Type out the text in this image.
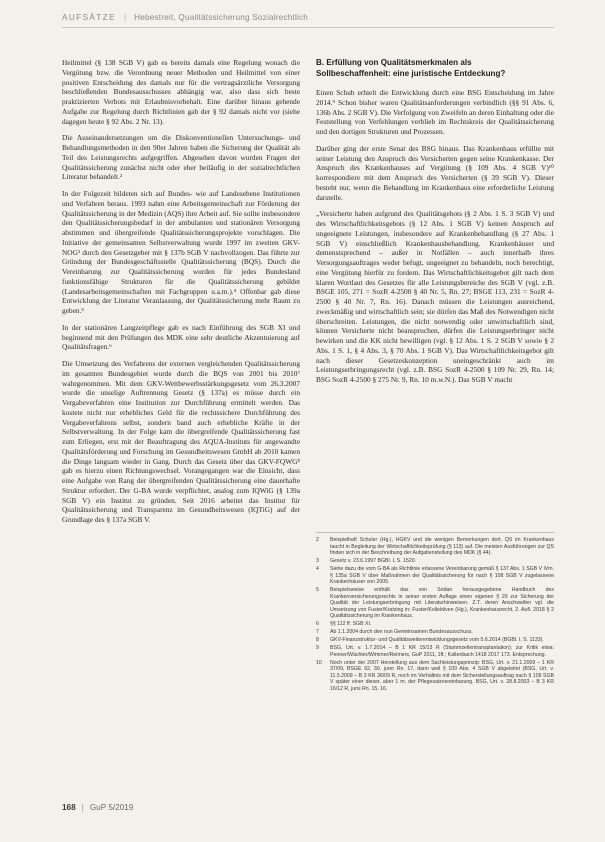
AUFSÄTZE | Hebestreit, Qualitätssicherung Sozialrechtlich

Heilmittel (§ 138 SGB V) gab es bereits damals eine Regelung wonach die Vergütung bzw. die Verordnung neuer Methoden und Heilmittel von einer positiven Entscheidung des damals nur für die vertragsärztliche Versorgung beschließenden Bundesausschusses abhängig war, also dass sich beste praktizierten Verbots mit Erlaubnisvorbehalt. Eine darüber hinaus gehende Aufgabe zur Regelung durch Richtlinien gab der § 92 damals nicht vor (siehe dagegen heute § 92 Abs. 2 Nr. 13).

Die Auseinandersetzungen um die Diskonventionellen Untersuchungs- und Behandlungsmethoden in den 90er Jahren haben die Sicherung der Qualität als Teil des Leistungsrechts aufgegriffen. Abgesehen davon wurden Fragen der Qualitätssicherung zunächst nicht oder eher beiläufig in der sozialrechtlichen Literatur behandelt.²

In der Folgezeit bildeten sich auf Bundes- wie auf Landesebene Institutionen und Verfahren heraus. 1993 nahm eine Arbeitsgemeinschaft zur Förderung der Qualitätssicherung in der Medizin (AQS) ihre Arbeit auf. Sie sollte insbesondere den Qualitätssicherungsbedarf in der ambulanten und stationären Versorgung abstimmen und übergreifende Qualitätssicherungsprojekte vorschlagen. Die Initiative der gemeinsamen Selbstverwaltung wurde 1997 im zweiten GKV-NOG³ durch den Gesetzgeber mit § 137b SGB V nachvollzogen. Das führte zur Gründung der Bundesgeschäftsstelle Qualitätssicherung (BQS). Durch die Vereinbarung zur Qualitätssicherung wurden für jedes Bundesland funktionsfähige Strukturen für die Qualitätssicherung gebildet (Landesarbeitsgemeinschaften mit Fachgruppen u.a.m.).⁴ Offenbar gab diese Entwicklung der Literatur Veranlassung, der Qualitätssicherung mehr Raum zu geben.⁵

In der stationären Langzeitpflege gab es nach Einführung des SGB XI und beginnend mit den Prüfungen des MDK eine sehr deutliche Akzentuierung auf Qualitätsfragen.⁶

Die Umsetzung des Verfahrens der externen vergleichenden Qualitätssicherung im gesamten Bundesgebiet wurde durch die BQS von 2001 bis 2010⁷ wahrgenommen. Mit dem GKV-Wettbewerbsstärkungsgesetz vom 26.3.2007 wurde die unselige Auftrennung Gesetz (§ 137a) es müsse durch ein Vergabeverfahren eine Institution zur Durchführung ermittelt werden. Das kostete nicht nur erhebliches Geld für die rechtssichere Durchführung des Vergabeverfahrens selbst, sondern band auch erhebliche Kräfte in der Selbstverwaltung. In der Folge kam die übergreifende Qualitätssicherung fast zum Erliegen, erst mit der Beauftragung des AQUA-Instituts für angewandte Qualitätsförderung und Forschung im Gesundheitswesen GmbH ab 2010 kamen die Dinge langsam wieder in Gang. Durch das Gesetz über das GKV-FQWG⁸ gab es hierzu einen Richtungswechsel. Vorangegangen war die Einsicht, dass eine Aufgabe von Rang der übergreifenden Qualitätssicherung eine dauerhafte Struktur erfordert. Der G-BA wurde verpflichtet, analog zum IQWiG (§ 139a SGB V) ein Institut zu gründen. Seit 2016 arbeitet das Institut für Qualitätssicherung und Transparenz im Gesundheitswesen (IQTiG) auf der Grundlage des § 137a SGB V.

B. Erfüllung von Qualitätsmerkmalen als
Sollbeschaffenheit: eine juristische Entdeckung?

Einen Schub erhielt die Entwicklung durch eine BSG Entscheidung im Jahre 2014.⁹ Schon bisher waren Qualitätsanforderungen verbindlich (§§ 91 Abs. 6, 136b Abs. 2 SGB V). Die Verfolgung von Zweifeln an deren Einhaltung oder die Feststellung von Verfehlungen verblieb im Rechtskreis der Qualitätssicherung und den dortigen Strukturen und Prozessen.

Darüber ging der erste Senat des BSG hinaus. Das Krankenhaus erfüllte mit seiner Leistung den Anspruch des Versicherten gegen seine Krankenkasse. Der Anspruch des Krankenhauses auf Vergütung (§ 109 Abs. 4 SGB V)¹⁰ korrespondiere mit dem Anspruch des Versicherten (§ 39 SGB V). Dieser besteht nur, wenn die Behandlung im Krankenhaus eine erforderliche Leistung darstelle.

„Versicherte haben aufgrund des Qualitätsgebots (§ 2 Abs. 1 S. 3 SGB V) und des Wirtschaftlichkeitsgebots (§ 12 Abs. 1 SGB V) keinen Anspruch auf ungeeignete Leistungen, insbesondere auf Krankenbehandlung (§ 27 Abs. 1 SGB V) einschließlich Krankenhausbehandlung. Krankenhäuser und demenstsprechend – außer in Notfällen – auch innerhalb ihres Versorgungsauftrages weder befugt, ungeeignet zu behandeln, noch berechtigt, eine Vergütung hierfür zu fordern. Das Wirtschaftlichkeitsgebot gilt nach dem klaren Wortlaut des Gesetzes für alle Leistungsbereiche des SGB V (vgl. z.B. BSGE 105, 271 = SozR 4-2500 § 40 Nr. 5, Rn. 27; BSGE 113, 231 = SozR 4-2500 § 40 Nr. 7, Rn. 16). Danach müssen die Leistungen ausreichend, zweckmäßig und wirtschaftlich sein; sie dürfen das Maß des Notwendigen nicht überschreiten. Leistungen, die nicht notwendig oder unwirtschaftlich sind, können Versicherte nicht beanspruchen, dürfen die Leistungserbringer nicht bewirken und die KK nicht bewilligen (vgl. § 12 Abs. 1 S. 2 SGB V sowie § 2 Abs. 1 S. 1, § 4 Abs. 3, § 70 Abs. 1 SGB V). Das Wirtschaftlichkeitsgebot gilt nach dieser Gesetzeskonzeption uneingeschränkt auch im Leistungserbringungsrecht (vgl. z.B. BSG SozR 4-2500 § 109 Nr. 29, Rn. 14; BSG SozR 4-2500 § 275 Nr. 9, Rn. 10 m.w.N.). Das SGB V macht

2	Beispielhaft Schuler (Hg.), HGKV und die wenigen Bemerkungen dort. QS im Krankenhaus taucht in Begleitung der Wirtschaftlichkeitsprüfung (§ 113) auf. Die meisten Ausführungen zur QS finden sich in der Beschreibung der Aufgabenstellung des MDK (§ 44).
3	Gesetz v. 23.6.1997 BGBl. I, S. 1520.
4	Siehe dazu die vom G-BA als Richtlinie erlassene Vereinbarung gemäß § 137 Abs. 1 SGB V iVm. § 135a SGB V über Maßnahmen der Qualitätssicherung für nach § 108 SGB V zugelassene Krankenhäuser von 2005.
5	Beispielsweise enthält das von Sodan herausgegebene Handbuch des Krankenversicherungsrechts in seiner ersten Auflage einen eigenen § 29 zur Sicherung der Qualität der Leistungserbringung mit Literaturhinweisen. Z.T. deren Anschweifen vgl. die Umsetzung von Fuster/Kratzing in: Fuster/Kollektiven (Hg.), Krankenhausrecht, 2. Aufl. 2018 § 2 Qualitätssicherung im Krankenhaus.
6	§§ 112 ff. SGB XI.
7	Ab 1.1.2004 durch den nun Gemeinsamen Bundesausschuss.
8	GKV-Finanzstruktur- und Qualitätsweiterentwicklungsgesetz vom 5.6.2014 (BGBl. I, S. 1133).
9	BSG, Urt. v. 1.7.2014 – B 1 KR 15/13 R (Stammzellentransplantation); zur Kritik etwa: Penner/Wächter/Wimmer/Reimers, GuP 2011, 1ff.; Kaltenbach 1418 2017 173. Entsprechung.
10	Noch unter der 2007 Herstellung aus dem Sachleistungsprinzip: BSG, Urt. v. 21.1.2009 – 1 KR 37/09, BSGE 92, 30, jurer Rn. 17, dann weil § 109 Abs. 4 SGB V abgeleitet (BSG, Urt. v. 11.5.2009 – B 3 KR 36/09 R, noch im Verhältnis mit dem Sicherstellungsauftrag nach § 109 SGB V später einer dieser, aber 1 m. der Pflegesatzvereinbarung. BSG, Urt. v. 28.8.2003 – B 3 KR 16/12 R, juris Rn. 15, 16.
168 | GuP 5/2019
